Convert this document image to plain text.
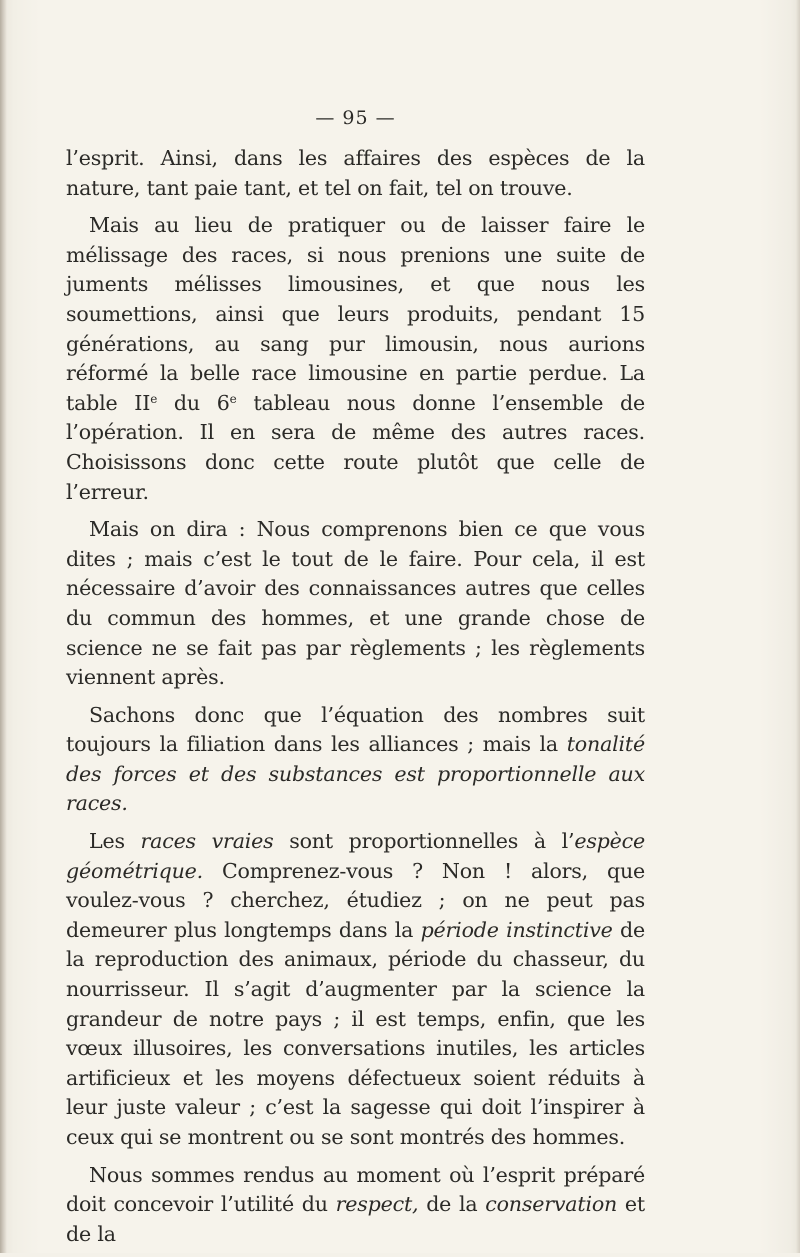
— 95 —

l’esprit. Ainsi, dans les affaires des espèces de la nature, tant paie tant, et tel on fait, tel on trouve.

Mais au lieu de pratiquer ou de laisser faire le mélissage des races, si nous prenions une suite de juments mélisses limousines, et que nous les soumettions, ainsi que leurs produits, pendant 15 générations, au sang pur limousin, nous aurions réformé la belle race limousine en partie perdue. La table IIe du 6e tableau nous donne l’ensemble de l’opération. Il en sera de même des autres races. Choisissons donc cette route plutôt que celle de l’erreur.

Mais on dira : Nous comprenons bien ce que vous dites ; mais c’est le tout de le faire. Pour cela, il est nécessaire d’avoir des connaissances autres que celles du commun des hommes, et une grande chose de science ne se fait pas par règlements ; les règlements viennent après.

Sachons donc que l’équation des nombres suit toujours la filiation dans les alliances ; mais la tonalité des forces et des substances est proportionnelle aux races.

Les races vraies sont proportionnelles à l’espèce géométrique. Comprenez-vous ? Non ! alors, que voulez-vous ? cherchez, étudiez ; on ne peut pas demeurer plus longtemps dans la période instinctive de la reproduction des animaux, période du chasseur, du nourrisseur. Il s’agit d’augmenter par la science la grandeur de notre pays ; il est temps, enfin, que les vœux illusoires, les conversations inutiles, les articles artificieux et les moyens défectueux soient réduits à leur juste valeur ; c’est la sagesse qui doit l’inspirer à ceux qui se montrent ou se sont montrés des hommes.

Nous sommes rendus au moment où l’esprit préparé doit concevoir l’utilité du respect, de la conservation et de la
